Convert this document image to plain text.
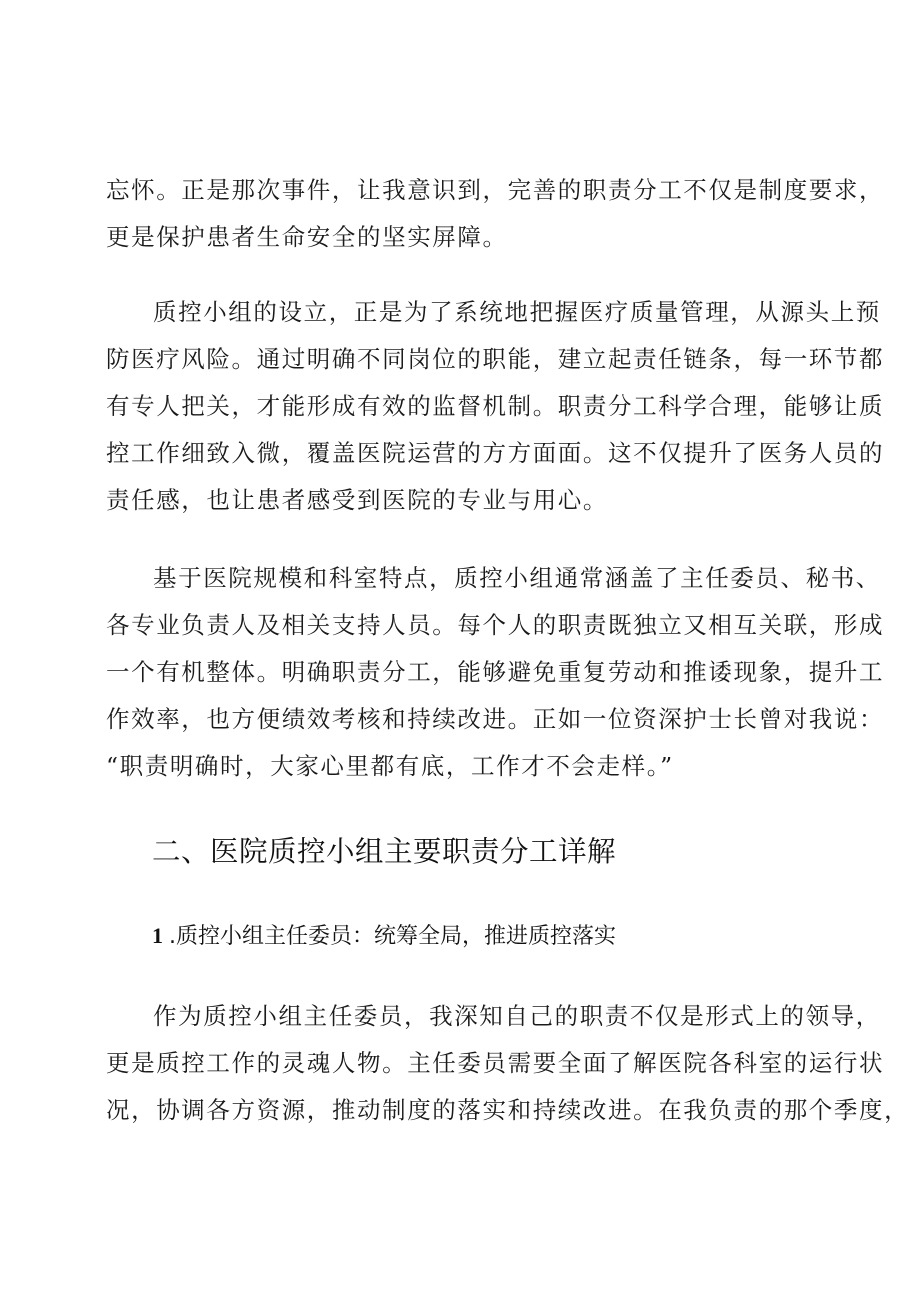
忘怀。正是那次事件，让我意识到，完善的职责分工不仅是制度要求，
更是保护患者生命安全的坚实屏障。

质控小组的设立，正是为了系统地把握医疗质量管理，从源头上预
防医疗风险。通过明确不同岗位的职能，建立起责任链条，每一环节都
有专人把关，才能形成有效的监督机制。职责分工科学合理，能够让质
控工作细致入微，覆盖医院运营的方方面面。这不仅提升了医务人员的
责任感，也让患者感受到医院的专业与用心。

基于医院规模和科室特点，质控小组通常涵盖了主任委员、秘书、
各专业负责人及相关支持人员。每个人的职责既独立又相互关联，形成
一个有机整体。明确职责分工，能够避免重复劳动和推诿现象，提升工
作效率，也方便绩效考核和持续改进。正如一位资深护士长曾对我说：
“职责明确时，大家心里都有底，工作才不会走样。”

二、医院质控小组主要职责分工详解
1 .质控小组主任委员：统筹全局，推进质控落实

作为质控小组主任委员，我深知自己的职责不仅是形式上的领导，
更是质控工作的灵魂人物。主任委员需要全面了解医院各科室的运行状
况，协调各方资源，推动制度的落实和持续改进。在我负责的那个季度，
